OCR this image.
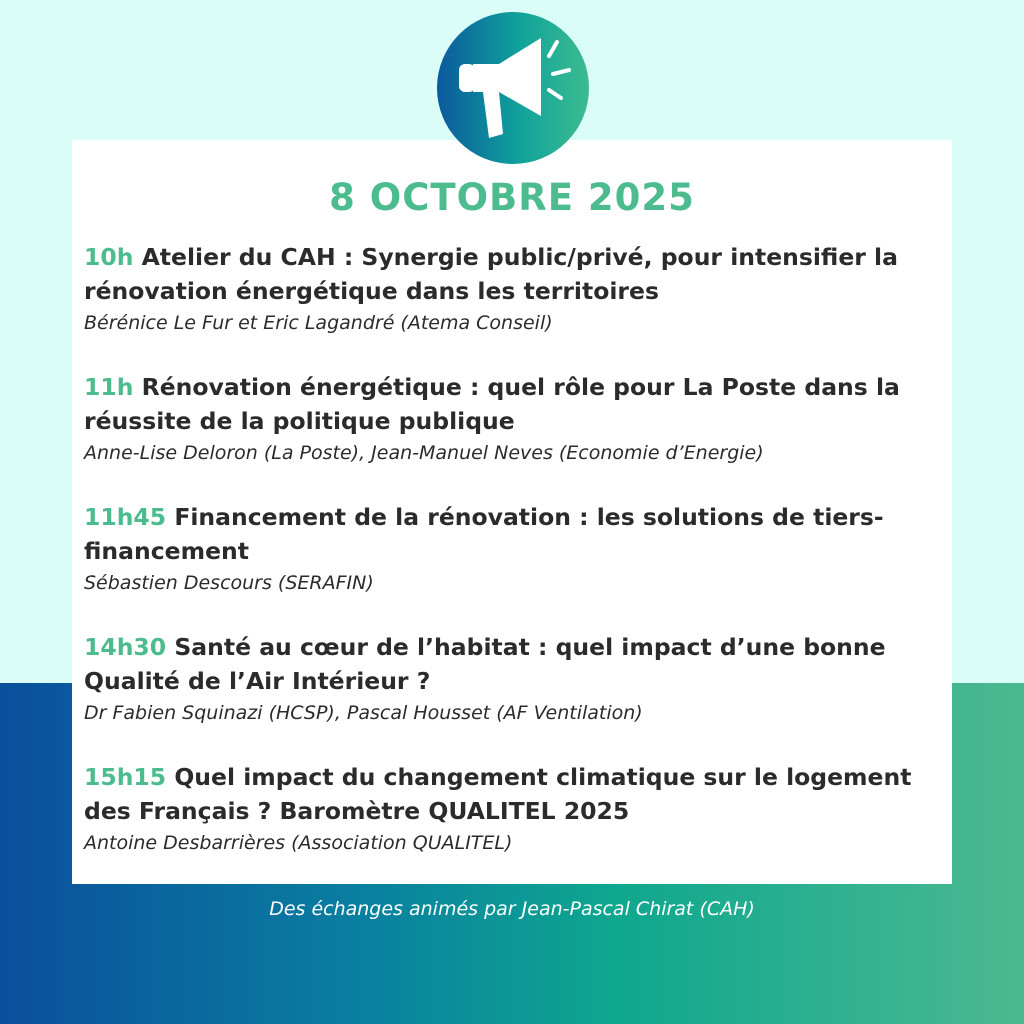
8 OCTOBRE 2025
10h Atelier du CAH : Synergie public/privé, pour intensifier la rénovation énergétique dans les territoires
Bérénice Le Fur et Eric Lagandré (Atema Conseil)
11h Rénovation énergétique : quel rôle pour La Poste dans la réussite de la politique publique
Anne-Lise Deloron (La Poste), Jean-Manuel Neves (Economie d’Energie)
11h45 Financement de la rénovation : les solutions de tiers-financement
Sébastien Descours (SERAFIN)
14h30 Santé au cœur de l’habitat : quel impact d’une bonne Qualité de l’Air Intérieur ?
Dr Fabien Squinazi (HCSP), Pascal Housset (AF Ventilation)
15h15 Quel impact du changement climatique sur le logement des Français ? Baromètre QUALITEL 2025
Antoine Desbarrières (Association QUALITEL)
Des échanges animés par Jean-Pascal Chirat (CAH)
